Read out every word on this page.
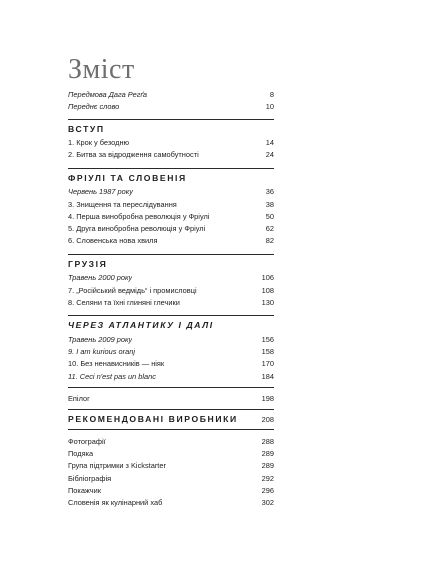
Зміст
Передмова Дага Регґа	8
Переднє слово	10
ВСТУП
1. Крок у безодню	14
2. Битва за відродження самобутності	24
ФРІУЛІ ТА СЛОВЕНІЯ
Червень 1987 року	36
3. Знищення та переслідування	38
4. Перша винобробна революція у Фріулі	50
5. Друга винобробна революція у Фріулі	62
6. Словенська нова хвиля	82
ГРУЗІЯ
Травень 2000 року	106
7. „Російський ведмідь“ і промисловці	108
8. Селяни та їхні глиняні глечики	130
ЧЕРЕЗ АТЛАНТИКУ І ДАЛІ
Травень 2009 року	156
9. I am kurious oranj	158
10. Без ненависників — ніяк	170
11. Ceci n'est pas un blanc	184
Епілог	198
РЕКОМЕНДОВАНІ ВИРОБНИКИ	208
Фотографії	288
Подяка	289
Група підтримки з Kickstarter	289
Бібліографія	292
Покажчик	296
Словенія як кулінарний хаб	302
